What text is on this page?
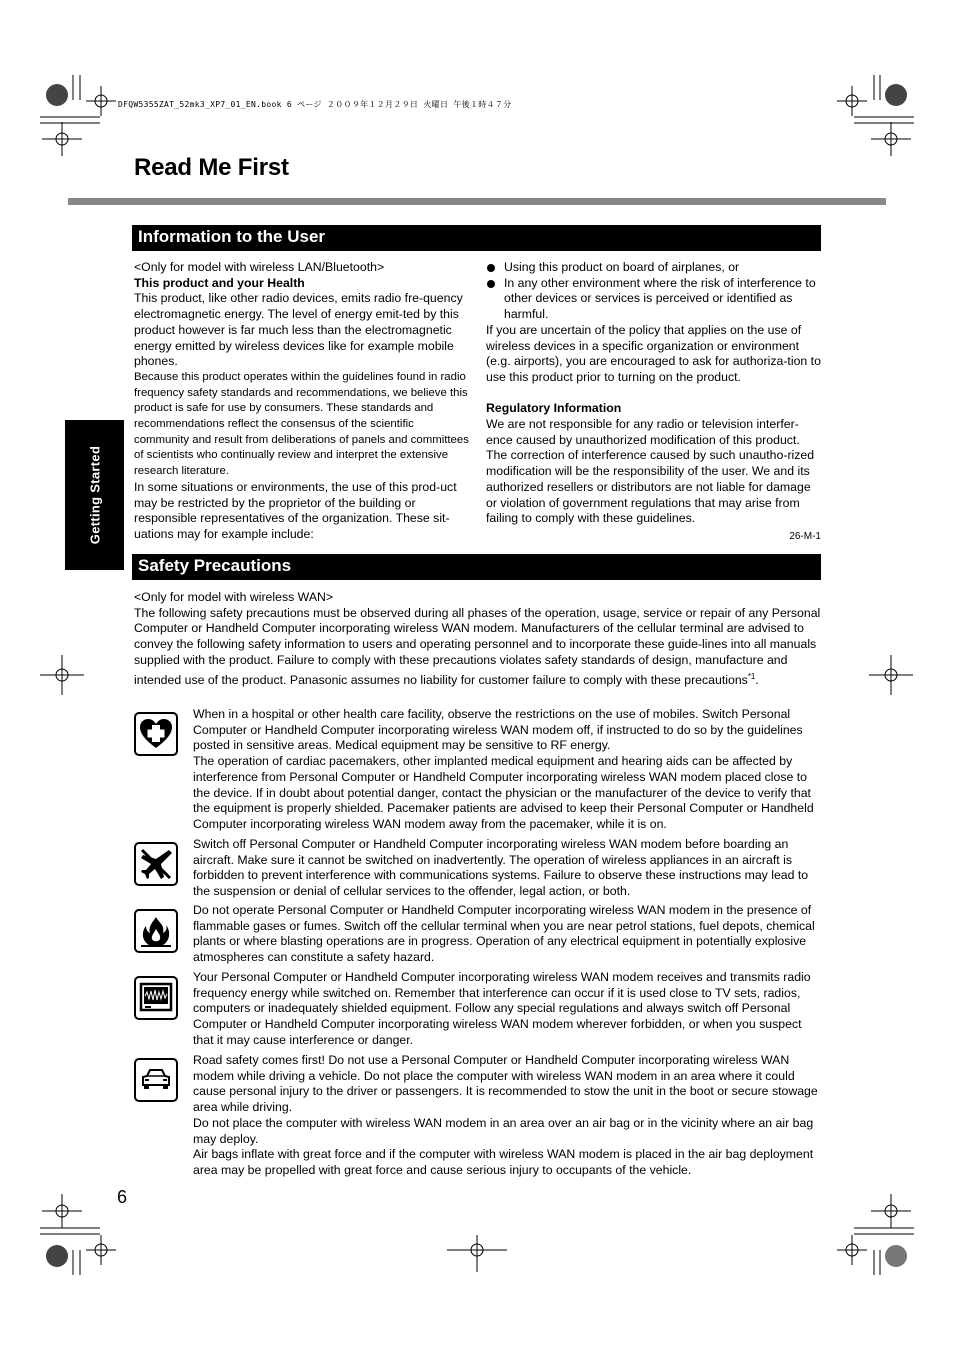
DFQW5355ZAT_52mk3_XP7_01_EN.book 6 ページ ２００９年１２月２９日 火曜日 午後１時４７分
Read Me First
Getting Started
Information to the User

<Only for model with wireless LAN/Bluetooth>

This product and your Health

This product, like other radio devices, emits radio fre-quency electromagnetic energy. The level of energy emit-ted by this product however is far much less than the electromagnetic energy emitted by wireless devices like for example mobile phones.

Because this product operates within the guidelines found in radio frequency safety standards and recommendations, we believe this product is safe for use by consumers. These standards and recommendations reflect the consensus of the scientific community and result from deliberations of panels and committees of scientists who continually review and interpret the extensive research literature.

In some situations or environments, the use of this prod-uct may be restricted by the proprietor of the building or responsible representatives of the organization. These sit-uations may for example include:

Using this product on board of airplanes, or
In any other environment where the risk of interference to other devices or services is perceived or identified as harmful.

If you are uncertain of the policy that applies on the use of wireless devices in a specific organization or environment (e.g. airports), you are encouraged to ask for authoriza-tion to use this product prior to turning on the product.

Regulatory Information

We are not responsible for any radio or television interfer-ence caused by unauthorized modification of this product. The correction of interference caused by such unautho-rized modification will be the responsibility of the user. We and its authorized resellers or distributors are not liable for damage or violation of government regulations that may arise from failing to comply with these guidelines.

26-M-1

Safety Precautions

<Only for model with wireless WAN>

The following safety precautions must be observed during all phases of the operation, usage, service or repair of any Personal Computer or Handheld Computer incorporating wireless WAN modem. Manufacturers of the cellular terminal are advised to convey the following safety information to users and operating personnel and to incorporate these guide-lines into all manuals supplied with the product. Failure to comply with these precautions violates safety standards of design, manufacture and intended use of the product. Panasonic assumes no liability for customer failure to comply with these precautions$^{*1}$.

When in a hospital or other health care facility, observe the restrictions on the use of mobiles. Switch Personal Computer or Handheld Computer incorporating wireless WAN modem off, if instructed to do so by the guidelines posted in sensitive areas. Medical equipment may be sensitive to RF energy.

The operation of cardiac pacemakers, other implanted medical equipment and hearing aids can be affected by interference from Personal Computer or Handheld Computer incorporating wireless WAN modem placed close to the device. If in doubt about potential danger, contact the physician or the manufacturer of the device to verify that the equipment is properly shielded. Pacemaker patients are advised to keep their Personal Computer or Handheld Computer incorporating wireless WAN modem away from the pacemaker, while it is on.

Switch off Personal Computer or Handheld Computer incorporating wireless WAN modem before boarding an aircraft. Make sure it cannot be switched on inadvertently. The operation of wireless appliances in an aircraft is forbidden to prevent interference with communications systems. Failure to observe these instructions may lead to the suspension or denial of cellular services to the offender, legal action, or both.

Do not operate Personal Computer or Handheld Computer incorporating wireless WAN modem in the presence of flammable gases or fumes. Switch off the cellular terminal when you are near petrol stations, fuel depots, chemical plants or where blasting operations are in progress. Operation of any electrical equipment in potentially explosive atmospheres can constitute a safety hazard.

Your Personal Computer or Handheld Computer incorporating wireless WAN modem receives and transmits radio frequency energy while switched on. Remember that interference can occur if it is used close to TV sets, radios, computers or inadequately shielded equipment. Follow any special regulations and always switch off Personal Computer or Handheld Computer incorporating wireless WAN modem wherever forbidden, or when you suspect that it may cause interference or danger.

Road safety comes first! Do not use a Personal Computer or Handheld Computer incorporating wireless WAN modem while driving a vehicle. Do not place the computer with wireless WAN modem in an area where it could cause personal injury to the driver or passengers. It is recommended to stow the unit in the boot or secure stowage area while driving.

Do not place the computer with wireless WAN modem in an area over an air bag or in the vicinity where an air bag may deploy.

Air bags inflate with great force and if the computer with wireless WAN modem is placed in the air bag deployment area may be propelled with great force and cause serious injury to occupants of the vehicle.

6
